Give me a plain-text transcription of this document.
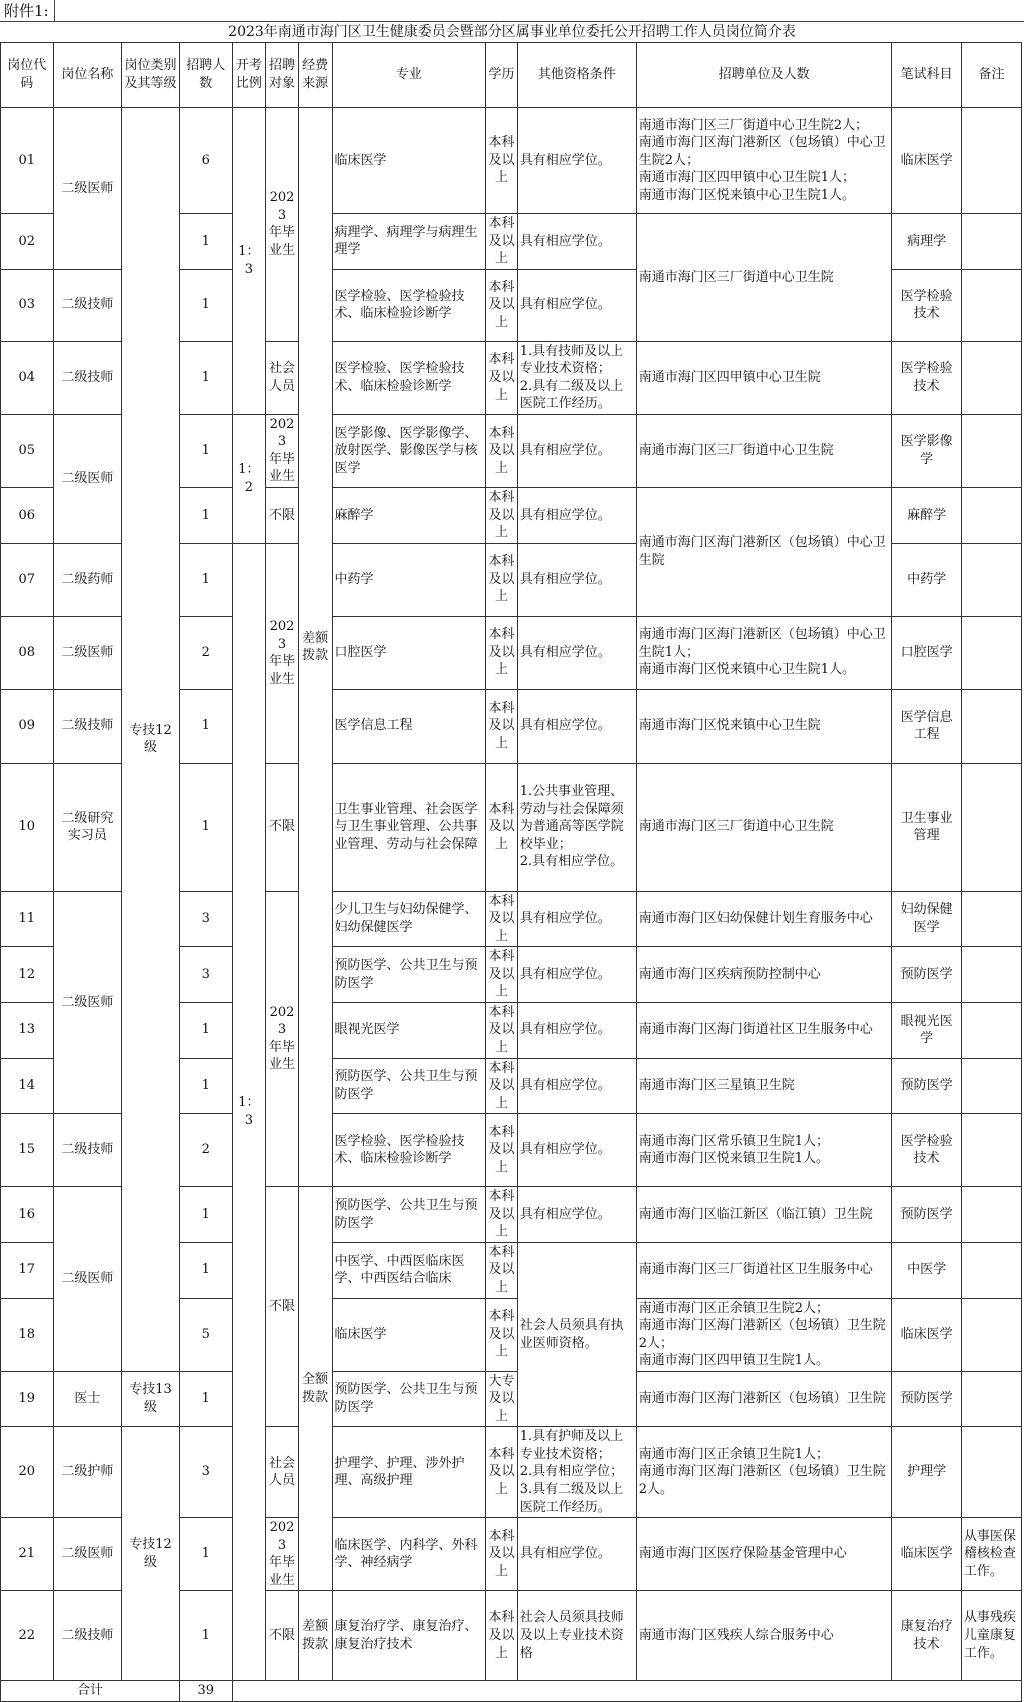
附件1:
2023年南通市海门区卫生健康委员会暨部分区属事业单位委托公开招聘工作人员岗位简介表
岗位代码	岗位名称	岗位类别及其等级	招聘人数	开考比例	招聘对象	经费来源	专业	学历	其他资格条件	招聘单位及人数	笔试科目	备注
01	二级医师	专技12
级	6	1：3	2023
年毕
业生	差额
拨款	临床医学	本科
及以
上	具有相应学位。	南通市海门区三厂街道中心卫生院2人；
南通市海门区海门港新区（包场镇）中心卫生院2人；
南通市海门区四甲镇中心卫生院1人；
南通市海门区悦来镇中心卫生院1人。	临床医学	
02			1				病理学、病理学与病理生理学	本科
及以
上	具有相应学位。	南通市海门区三厂街道中心卫生院	病理学	
03	二级技师		1				医学检验、医学检验技术、临床检验诊断学	本科
及以
上	具有相应学位。		医学检验
技术	
04	二级技师		1		社会
人员		医学检验、医学检验技术、临床检验诊断学	本科
及以
上	1.具有技师及以上专业技术资格；
2.具有二级及以上医院工作经历。	南通市海门区四甲镇中心卫生院	医学检验
技术	
05	二级医师		1	1：2	2023
年毕
业生		医学影像、医学影像学、放射医学、影像医学与核医学	本科
及以
上	具有相应学位。	南通市海门区三厂街道中心卫生院	医学影像
学	
06			1		不限		麻醉学	本科
及以
上	具有相应学位。	南通市海门区海门港新区（包场镇）中心卫生院	麻醉学	
07	二级药师		1	1：3	2023
年毕
业生		中药学	本科
及以
上	具有相应学位。		中药学	
08	二级医师		2				口腔医学	本科
及以
上	具有相应学位。	南通市海门区海门港新区（包场镇）中心卫生院1人；
南通市海门区悦来镇中心卫生院1人。	口腔医学	
09	二级技师		1				医学信息工程	本科
及以
上	具有相应学位。	南通市海门区悦来镇中心卫生院	医学信息
工程	
10	二级研究
实习员		1		不限		卫生事业管理、社会医学与卫生事业管理、公共事业管理、劳动与社会保障	本科
及以
上	1.公共事业管理、劳动与社会保障须为普通高等医学院校毕业；
2.具有相应学位。	南通市海门区三厂街道中心卫生院	卫生事业
管理	
11	二级医师		3		2023
年毕
业生		少儿卫生与妇幼保健学、妇幼保健医学	本科
及以
上	具有相应学位。	南通市海门区妇幼保健计划生育服务中心	妇幼保健
医学	
12			3				预防医学、公共卫生与预防医学	本科
及以
上	具有相应学位。	南通市海门区疾病预防控制中心	预防医学	
13			1				眼视光医学	本科
及以
上	具有相应学位。	南通市海门区海门街道社区卫生服务中心	眼视光医
学	
14			1				预防医学、公共卫生与预防医学	本科
及以
上	具有相应学位。	南通市海门区三星镇卫生院	预防医学	
15	二级技师		2				医学检验、医学检验技术、临床检验诊断学	本科
及以
上	具有相应学位。	南通市海门区常乐镇卫生院1人；
南通市海门区悦来镇卫生院1人。	医学检验
技术	
16	二级医师		1		不限	全额
拨款	预防医学、公共卫生与预防医学	本科
及以
上	具有相应学位。	南通市海门区临江新区（临江镇）卫生院	预防医学	
17			1				中医学、中西医临床医学、中西医结合临床	本科
及以
上	社会人员须具有执业医师资格。	南通市海门区三厂街道社区卫生服务中心	中医学	
18			5				临床医学	本科
及以
上		南通市海门区正余镇卫生院2人；
南通市海门区海门港新区（包场镇）卫生院2人；
南通市海门区四甲镇卫生院1人。	临床医学	
19	医士	专技13
级	1				预防医学、公共卫生与预防医学	大专
及以
上		南通市海门区海门港新区（包场镇）卫生院	预防医学	
20	二级护师	专技12
级	3		社会
人员		护理学、护理、涉外护理、高级护理	本科
及以
上	1.具有护师及以上专业技术资格；
2.具有相应学位；
3.具有二级及以上医院工作经历。	南通市海门区正余镇卫生院1人；
南通市海门区海门港新区（包场镇）卫生院2人。	护理学	
21	二级医师		1		2023
年毕
业生		临床医学、内科学、外科学、神经病学	本科
及以
上	具有相应学位。	南通市海门区医疗保险基金管理中心	临床医学	从事医保稽核检查工作。
22	二级技师		1		不限	差额
拨款	康复治疗学、康复治疗、康复治疗技术	本科
及以
上	社会人员须具技师及以上专业技术资格	南通市海门区残疾人综合服务中心	康复治疗
技术	从事残疾儿童康复工作。
合计			39									
